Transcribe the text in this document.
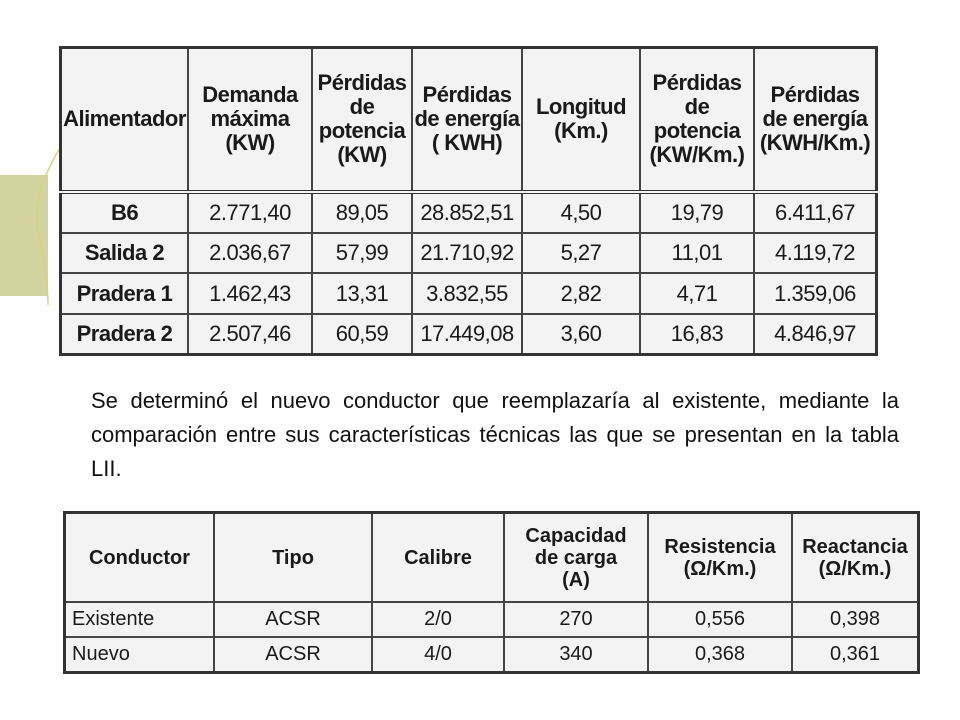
Alimentador	Demanda
máxima
(KW)	Pérdidas
de
potencia
(KW)	Pérdidas
de energía
( KWH)	Longitud
(Km.)	Pérdidas
de
potencia
(KW/Km.)	Pérdidas
de energía
(KWH/Km.)
B6	2.771,40	89,05	28.852,51	4,50	19,79	6.411,67
Salida 2	2.036,67	57,99	21.710,92	5,27	11,01	4.119,72
Pradera 1	1.462,43	13,31	3.832,55	2,82	4,71	1.359,06
Pradera 2	2.507,46	60,59	17.449,08	3,60	16,83	4.846,97

Se determinó el nuevo conductor que reemplazaría al existente, mediante la comparación entre sus características técnicas las que se presentan en la tabla LII.

Conductor	Tipo	Calibre	Capacidad
de carga
(A)	Resistencia
(Ω/Km.)	Reactancia
(Ω/Km.)
Existente	ACSR	2/0	270	0,556	0,398
Nuevo	ACSR	4/0	340	0,368	0,361
